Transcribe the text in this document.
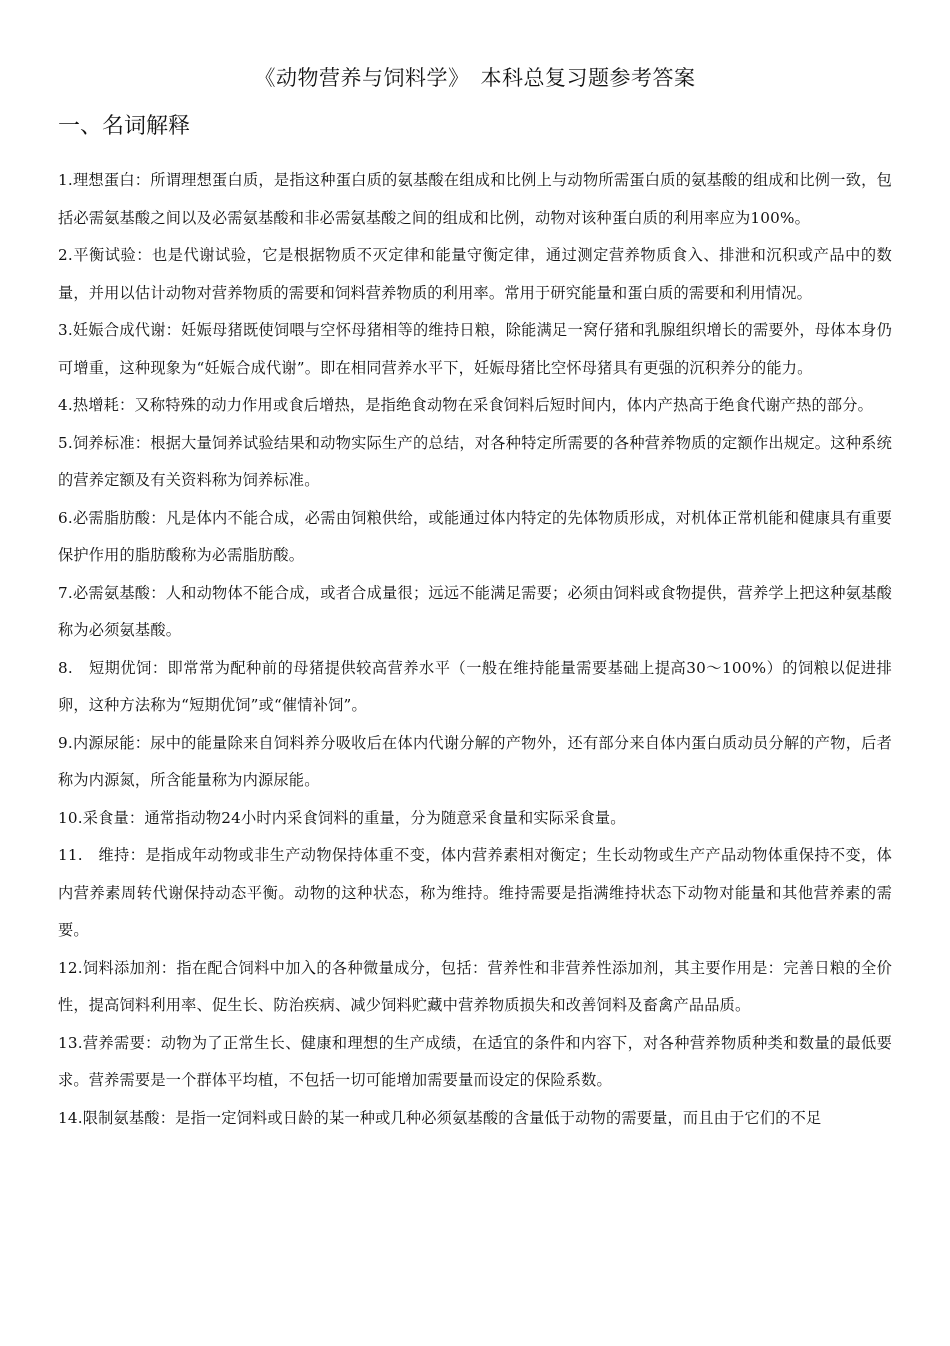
《动物营养与饲料学》　本科总复习题参考答案
一、名词解释

1.理想蛋白：所谓理想蛋白质，是指这种蛋白质的氨基酸在组成和比例上与动物所需蛋白质的氨基酸的组成和比例一致，包括必需氨基酸之间以及必需氨基酸和非必需氨基酸之间的组成和比例，动物对该种蛋白质的利用率应为100%。

2.平衡试验：也是代谢试验，它是根据物质不灭定律和能量守衡定律，通过测定营养物质食入、排泄和沉积或产品中的数量，并用以估计动物对营养物质的需要和饲料营养物质的利用率。常用于研究能量和蛋白质的需要和利用情况。

3.妊娠合成代谢：妊娠母猪既使饲喂与空怀母猪相等的维持日粮，除能满足一窝仔猪和乳腺组织增长的需要外，母体本身仍可增重，这种现象为“妊娠合成代谢”。即在相同营养水平下，妊娠母猪比空怀母猪具有更强的沉积养分的能力。

4.热增耗：又称特殊的动力作用或食后增热，是指绝食动物在采食饲料后短时间内，体内产热高于绝食代谢产热的部分。

5.饲养标准：根据大量饲养试验结果和动物实际生产的总结，对各种特定所需要的各种营养物质的定额作出规定。这种系统的营养定额及有关资料称为饲养标准。

6.必需脂肪酸：凡是体内不能合成，必需由饲粮供给，或能通过体内特定的先体物质形成，对机体正常机能和健康具有重要保护作用的脂肪酸称为必需脂肪酸。

7.必需氨基酸：人和动物体不能合成，或者合成量很；远远不能满足需要；必须由饲料或食物提供，营养学上把这种氨基酸称为必须氨基酸。

8.　短期优饲：即常常为配种前的母猪提供较高营养水平（一般在维持能量需要基础上提高30～100%）的饲粮以促进排卵，这种方法称为“短期优饲”或“催情补饲”。

9.内源尿能：尿中的能量除来自饲料养分吸收后在体内代谢分解的产物外，还有部分来自体内蛋白质动员分解的产物，后者称为内源氮，所含能量称为内源尿能。

10.采食量：通常指动物24小时内采食饲料的重量，分为随意采食量和实际采食量。

11.　维持：是指成年动物或非生产动物保持体重不变，体内营养素相对衡定；生长动物或生产产品动物体重保持不变，体内营养素周转代谢保持动态平衡。动物的这种状态，称为维持。维持需要是指满维持状态下动物对能量和其他营养素的需要。

12.饲料添加剂：指在配合饲料中加入的各种微量成分，包括：营养性和非营养性添加剂，其主要作用是：完善日粮的全价性，提高饲料利用率、促生长、防治疾病、减少饲料贮藏中营养物质损失和改善饲料及畜禽产品品质。

13.营养需要：动物为了正常生长、健康和理想的生产成绩，在适宜的条件和内容下，对各种营养物质种类和数量的最低要求。营养需要是一个群体平均植，不包括一切可能增加需要量而设定的保险系数。

14.限制氨基酸：是指一定饲料或日龄的某一种或几种必须氨基酸的含量低于动物的需要量，而且由于它们的不足
